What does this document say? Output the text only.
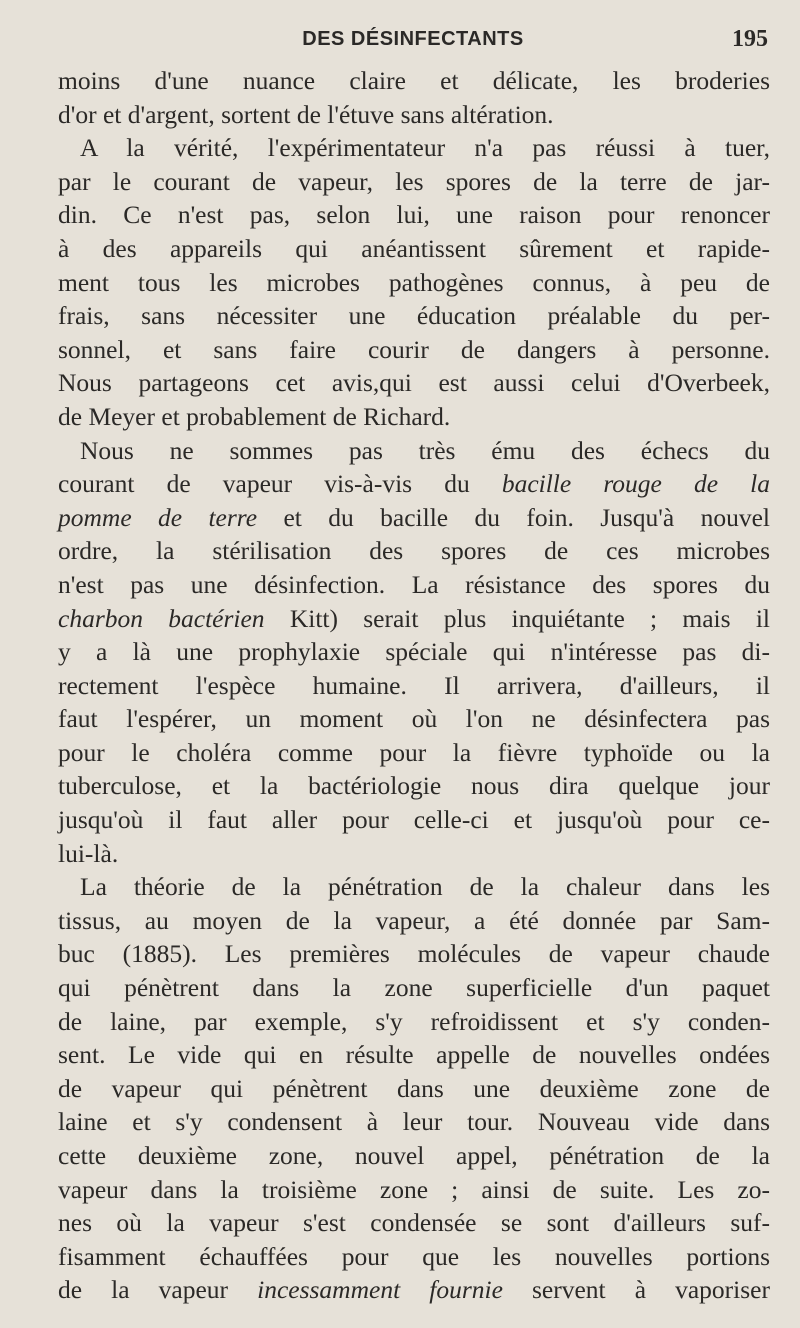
DES DÉSINFECTANTS	195
moins d'une nuance claire et délicate, les broderies
d'or et d'argent, sortent de l'étuve sans altération.
A la vérité, l'expérimentateur n'a pas réussi à tuer,
par le courant de vapeur, les spores de la terre de jar-
din. Ce n'est pas, selon lui, une raison pour renoncer
à des appareils qui anéantissent sûrement et rapide-
ment tous les microbes pathogènes connus, à peu de
frais, sans nécessiter une éducation préalable du per-
sonnel, et sans faire courir de dangers à personne.
Nous partageons cet avis,qui est aussi celui d'Overbeek,
de Meyer et probablement de Richard.
Nous ne sommes pas très ému des échecs du
courant de vapeur vis-à-vis du bacille rouge de la
pomme de terre et du bacille du foin. Jusqu'à nouvel
ordre, la stérilisation des spores de ces microbes
n'est pas une désinfection. La résistance des spores du
charbon bactérien Kitt) serait plus inquiétante ; mais il
y a là une prophylaxie spéciale qui n'intéresse pas di-
rectement l'espèce humaine. Il arrivera, d'ailleurs, il
faut l'espérer, un moment où l'on ne désinfectera pas
pour le choléra comme pour la fièvre typhoïde ou la
tuberculose, et la bactériologie nous dira quelque jour
jusqu'où il faut aller pour celle-ci et jusqu'où pour ce-
lui-là.
La théorie de la pénétration de la chaleur dans les
tissus, au moyen de la vapeur, a été donnée par Sam-
buc (1885). Les premières molécules de vapeur chaude
qui pénètrent dans la zone superficielle d'un paquet
de laine, par exemple, s'y refroidissent et s'y conden-
sent. Le vide qui en résulte appelle de nouvelles ondées
de vapeur qui pénètrent dans une deuxième zone de
laine et s'y condensent à leur tour. Nouveau vide dans
cette deuxième zone, nouvel appel, pénétration de la
vapeur dans la troisième zone ; ainsi de suite. Les zo-
nes où la vapeur s'est condensée se sont d'ailleurs suf-
fisamment échauffées pour que les nouvelles portions
de la vapeur incessamment fournie servent à vaporiser
